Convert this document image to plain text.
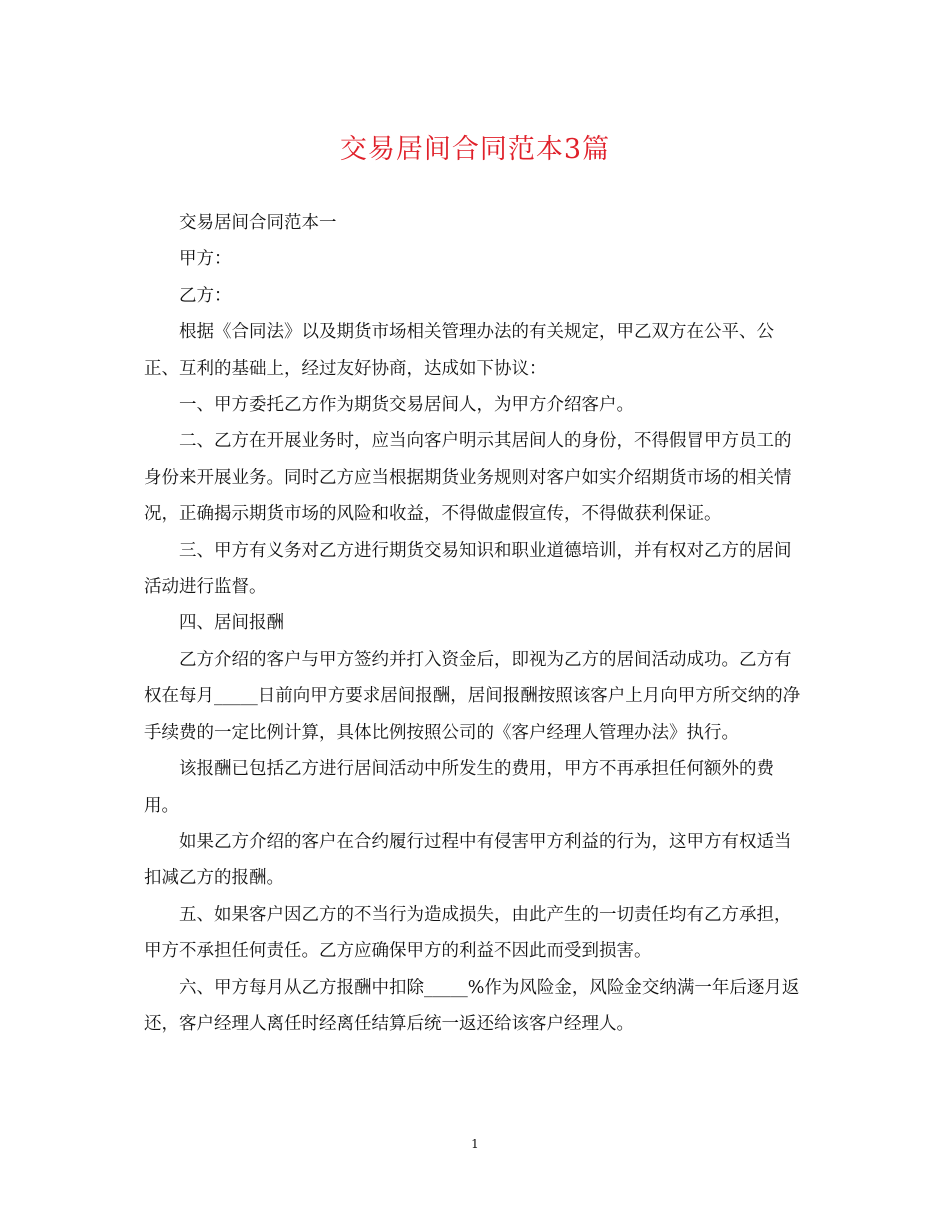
交易居间合同范本3篇

交易居间合同范本一

甲方：

乙方：

根据《合同法》以及期货市场相关管理办法的有关规定，甲乙双方在公平、公正、互利的基础上，经过友好协商，达成如下协议：

一、甲方委托乙方作为期货交易居间人，为甲方介绍客户。

二、乙方在开展业务时，应当向客户明示其居间人的身份，不得假冒甲方员工的身份来开展业务。同时乙方应当根据期货业务规则对客户如实介绍期货市场的相关情况，正确揭示期货市场的风险和收益，不得做虚假宣传，不得做获利保证。

三、甲方有义务对乙方进行期货交易知识和职业道德培训，并有权对乙方的居间活动进行监督。

四、居间报酬

乙方介绍的客户与甲方签约并打入资金后，即视为乙方的居间活动成功。乙方有权在每月_____日前向甲方要求居间报酬，居间报酬按照该客户上月向甲方所交纳的净手续费的一定比例计算，具体比例按照公司的《客户经理人管理办法》执行。

该报酬已包括乙方进行居间活动中所发生的费用，甲方不再承担任何额外的费用。

如果乙方介绍的客户在合约履行过程中有侵害甲方利益的行为，这甲方有权适当扣减乙方的报酬。

五、如果客户因乙方的不当行为造成损失，由此产生的一切责任均有乙方承担，甲方不承担任何责任。乙方应确保甲方的利益不因此而受到损害。

六、甲方每月从乙方报酬中扣除_____%作为风险金，风险金交纳满一年后逐月返还，客户经理人离任时经离任结算后统一返还给该客户经理人。

1
